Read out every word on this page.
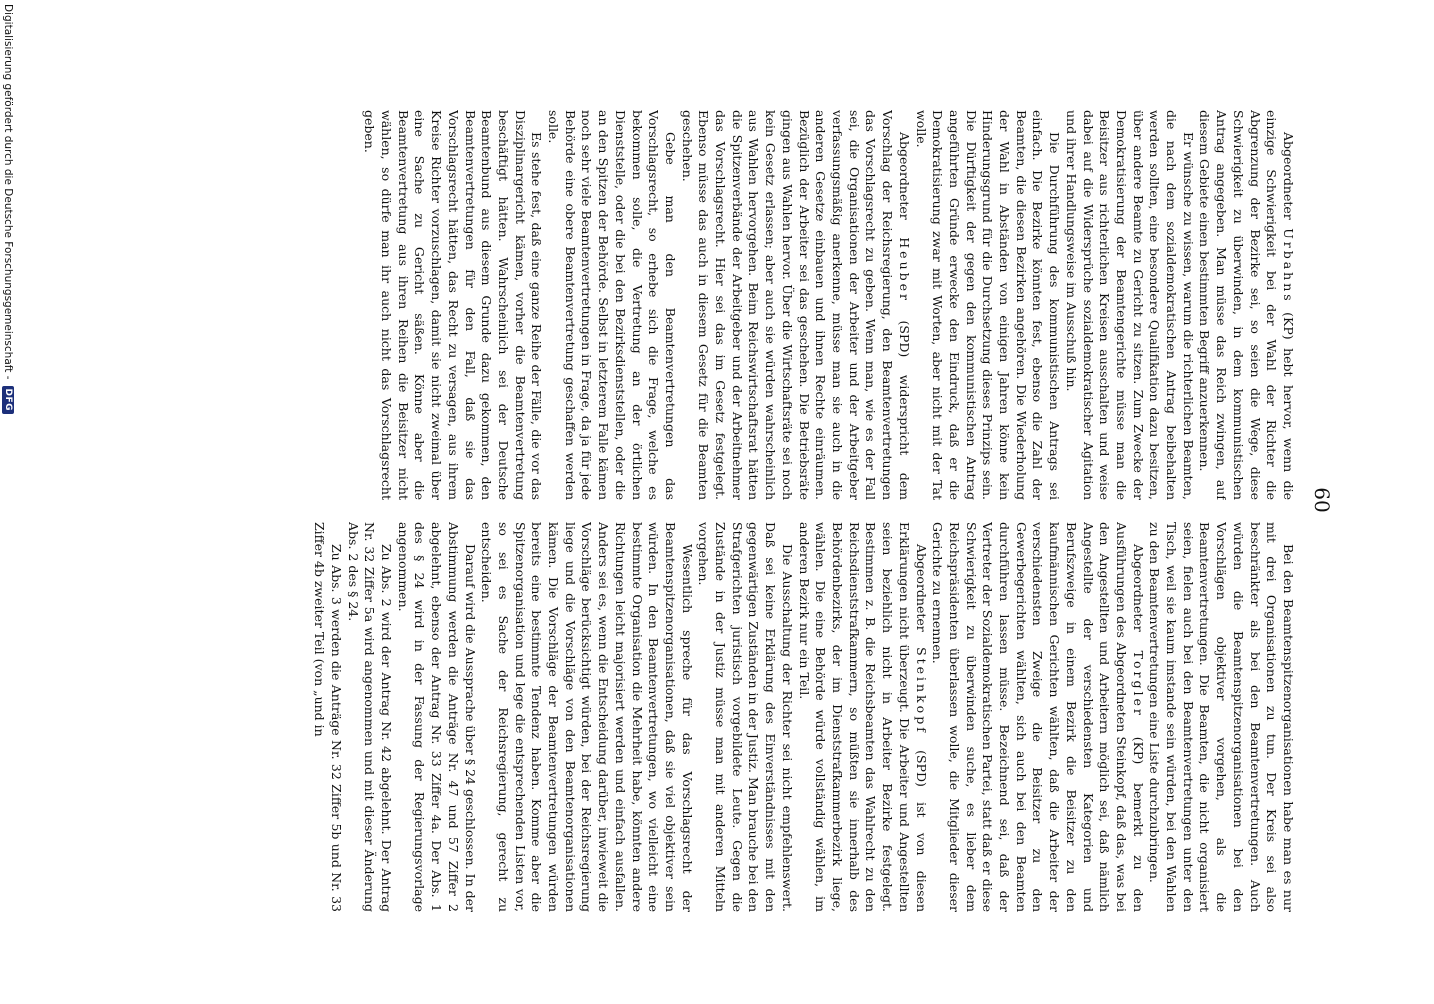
60

Abgeordneter Urbahns (KP) hebt hervor, wenn die einzige Schwierigkeit bei der Wahl der Richter die Abgrenzung der Bezirke sei, so seien die Wege, diese Schwierigkeit zu überwinden, in dem kommunistischen Antrag angegeben. Man müsse das Reich zwingen, auf diesem Gebiete einen bestimmten Begriff anzuerkennen.

Er wünsche zu wissen, warum die richterlichen Beamten, die nach dem sozialdemokratischen Antrag beibehalten werden sollten, eine besondere Qualifikation dazu besitzen, über andere Beamte zu Gericht zu sitzen. Zum Zwecke der Demokratisierung der Beamtengerichte müsse man die Beisitzer aus richterlichen Kreisen ausschalten und weise dabei auf die Widersprüche sozialdemokratischer Agitation und ihrer Handlungsweise im Ausschuß hin.

Die Durchführung des kommunistischen Antrags sei einfach. Die Bezirke könnten fest, ebenso die Zahl der Beamten, die diesen Bezirken angehören. Die Wiederholung der Wahl in Abständen von einigen Jahren könne kein Hinderungsgrund für die Durchsetzung dieses Prinzips sein. Die Dürftigkeit der gegen den kommunistischen Antrag angeführten Gründe erwecke den Eindruck, daß er die Demokratisierung zwar mit Worten, aber nicht mit der Tat wolle.

Abgeordneter Heuber (SPD) widerspricht dem Vorschlag der Reichsregierung, den Beamtenvertretungen das Vorschlagsrecht zu geben. Wenn man, wie es der Fall sei, die Organisationen der Arbeiter und der Arbeitgeber verfassungsmäßig anerkenne, müsse man sie auch in die anderen Gesetze einbauen und ihnen Rechte einräumen. Bezüglich der Arbeiter sei das geschehen. Die Betriebsräte gingen aus Wahlen hervor. Über die Wirtschaftsräte sei noch kein Gesetz erlassen; aber auch sie würden wahrscheinlich aus Wahlen hervorgehen. Beim Reichswirtschaftsrat hätten die Spitzenverbände der Arbeitgeber und der Arbeitnehmer das Vorschlagsrecht. Hier sei das im Gesetz festgelegt. Ebenso müsse das auch in diesem Gesetz für die Beamten geschehen.

Gebe man den Beamtenvertretungen das Vorschlagsrecht, so erhebe sich die Frage, welche es bekommen solle, die Vertretung an der örtlichen Dienststelle, oder die bei den Bezirksdienststellen, oder die an den Spitzen der Behörde. Selbst in letzterem Falle kämen noch sehr viele Beamtenvertretungen in Frage, da ja für jede Behörde eine obere Beamtenvertretung geschaffen werden solle.

Es stehe fest, daß eine ganze Reihe der Fälle, die vor das Disziplinargericht kämen, vorher die Beamtenvertretung beschäftigt hätten. Wahrscheinlich sei der Deutsche Beamtenbund aus diesem Grunde dazu gekommen, den Beamtenvertretungen für den Fall, daß sie das Vorschlagsrecht hätten, das Recht zu versagen, aus ihrem Kreise Richter vorzuschlagen, damit sie nicht zweimal über eine Sache zu Gericht säßen. Könne aber die Beamtenvertretung aus ihren Reihen die Beisitzer nicht wählen, so dürfe man ihr auch nicht das Vorschlagsrecht geben.

Bei den Beamtenspitzenorganisationen habe man es nur mit drei Organisationen zu tun. Der Kreis sei also beschränkter als bei den Beamtenvertretungen. Auch würden die Beamtenspitzenorganisationen bei den Vorschlägen objektiver vorgehen, als die Beamtenvertretungen. Die Beamten, die nicht organisiert seien, fielen auch bei den Beamtenvertretungen unter den Tisch, weil sie kaum imstande sein würden, bei den Wahlen zu den Beamtenvertretungen eine Liste durchzubringen.

Abgeordneter Torgler (KP) bemerkt zu den Ausführungen des Abgeordneten Steinkopf, daß das, was bei den Angestellten und Arbeitern möglich sei, daß nämlich Angestellte der verschiedensten Kategorien und Berufszweige in einem Bezirk die Beisitzer zu den kaufmännischen Gerichten wählten, daß die Arbeiter der verschiedensten Zweige die Beisitzer zu den Gewerbegerichten wählten, sich auch bei den Beamten durchführen lassen müsse. Bezeichnend sei, daß der Vertreter der Sozialdemokratischen Partei, statt daß er diese Schwierigkeit zu überwinden suche, es lieber dem Reichspräsidenten überlassen wolle, die Mitglieder dieser Gerichte zu ernennen.

Abgeordneter Steinkopf (SPD) ist von diesen Erklärungen nicht überzeugt. Die Arbeiter und Angestellten seien beziehlich nicht in Arbeiter Bezirke festgelegt. Bestimmen z. B. die Reichsbeamten das Wahlrecht zu den Reichsdienststrafkammern, so müßten sie innerhalb des Behördenbezirks, der im Dienststrafkammerbezirk liege, wählen. Die eine Behörde würde vollständig wählen, im anderen Bezirk nur ein Teil.

Die Ausschaltung der Richter sei nicht empfehlenswert. Daß sei keine Erklärung des Einverständnisses mit den gegenwärtigen Zuständen in der Justiz. Man brauche bei den Strafgerichten juristisch vorgebildete Leute. Gegen die Zustände in der Justiz müsse man mit anderen Mitteln vorgehen.

Wesentlich spreche für das Vorschlagsrecht der Beamtenspitzenorganisationen, daß sie viel objektiver sein würden. In den Beamtenvertretungen, wo vielleicht eine bestimmte Organisation die Mehrheit habe, könnten andere Richtungen leicht majorisiert werden und einfach ausfallen. Anders sei es, wenn die Entscheidung darüber, inwieweit die Vorschläge berücksichtigt würden, bei der Reichsregierung liege und die Vorschläge von den Beamtenorganisationen kämen. Die Vorschläge der Beamtenvertretungen würden bereits eine bestimmte Tendenz haben. Komme aber die Spitzenorganisation und lege die entsprechenden Listen vor, so sei es Sache der Reichsregierung, gerecht zu entscheiden.

Darauf wird die Aussprache über § 24 geschlossen. In der Abstimmung werden die Anträge Nr. 47 und 57 Ziffer 2 abgelehnt, ebenso der Antrag Nr. 33 Ziffer 4a. Der Abs. 1 des § 24 wird in der Fassung der Regierungsvorlage angenommen.

Zu Abs. 2 wird der Antrag Nr. 42 abgelehnt. Der Antrag Nr. 32 Ziffer 5a wird angenommen und mit dieser Änderung Abs. 2 des § 24.

Zu Abs. 3 werden die Anträge Nr. 32 Ziffer 5b und Nr. 33 Ziffer 4b zweiter Teil (von „und in

Digitalisierung gefördert durch die Deutsche Forschungsgemeinschaft -
DFG
